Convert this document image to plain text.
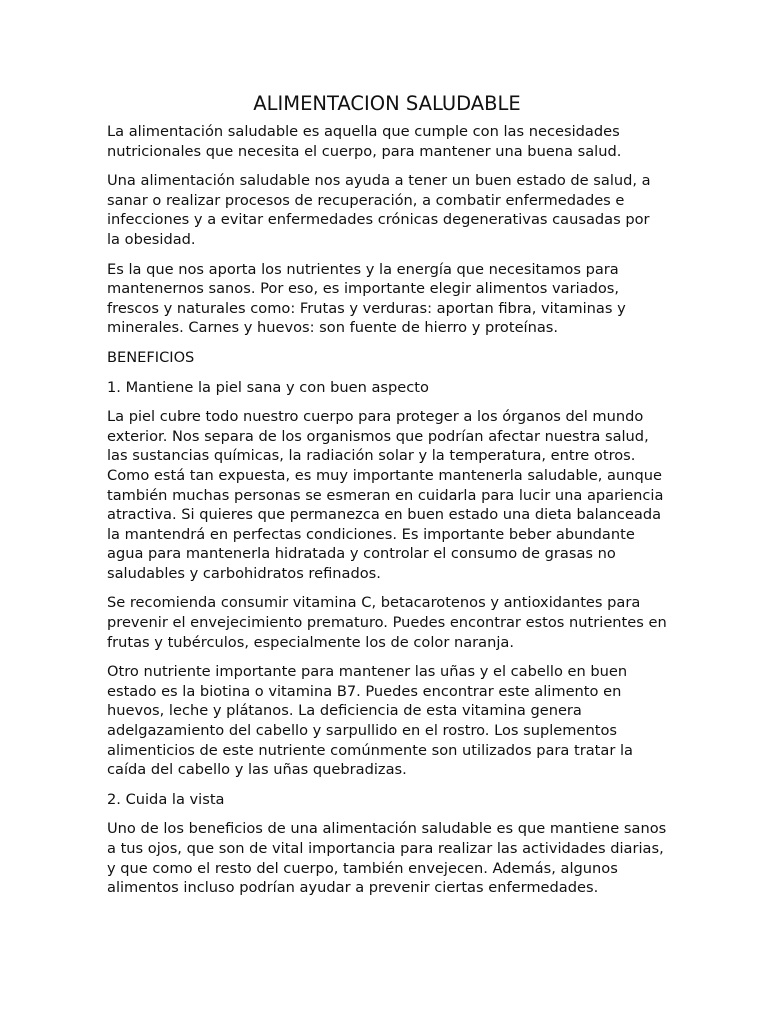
ALIMENTACION SALUDABLE

La alimentación saludable es aquella que cumple con las necesidades nutricionales que necesita el cuerpo, para mantener una buena salud.

Una alimentación saludable nos ayuda a tener un buen estado de salud, a sanar o realizar procesos de recuperación, a combatir enfermedades e infecciones y a evitar enfermedades crónicas degenerativas causadas por la obesidad.

Es la que nos aporta los nutrientes y la energía que necesitamos para mantenernos sanos. Por eso, es importante elegir alimentos variados, frescos y naturales como: Frutas y verduras: aportan fibra, vitaminas y minerales. Carnes y huevos: son fuente de hierro y proteínas.

BENEFICIOS

1. Mantiene la piel sana y con buen aspecto

La piel cubre todo nuestro cuerpo para proteger a los órganos del mundo exterior. Nos separa de los organismos que podrían afectar nuestra salud, las sustancias químicas, la radiación solar y la temperatura, entre otros. Como está tan expuesta, es muy importante mantenerla saludable, aunque también muchas personas se esmeran en cuidarla para lucir una apariencia atractiva. Si quieres que permanezca en buen estado una dieta balanceada la mantendrá en perfectas condiciones. Es importante beber abundante agua para mantenerla hidratada y controlar el consumo de grasas no saludables y carbohidratos refinados.

Se recomienda consumir vitamina C, betacarotenos y antioxidantes para prevenir el envejecimiento prematuro. Puedes encontrar estos nutrientes en frutas y tubérculos, especialmente los de color naranja.

Otro nutriente importante para mantener las uñas y el cabello en buen estado es la biotina o vitamina B7. Puedes encontrar este alimento en huevos, leche y plátanos. La deficiencia de esta vitamina genera adelgazamiento del cabello y sarpullido en el rostro. Los suplementos alimenticios de este nutriente comúnmente son utilizados para tratar la caída del cabello y las uñas quebradizas.

2. Cuida la vista

Uno de los beneficios de una alimentación saludable es que mantiene sanos a tus ojos, que son de vital importancia para realizar las actividades diarias, y que como el resto del cuerpo, también envejecen. Además, algunos alimentos incluso podrían ayudar a prevenir ciertas enfermedades.
